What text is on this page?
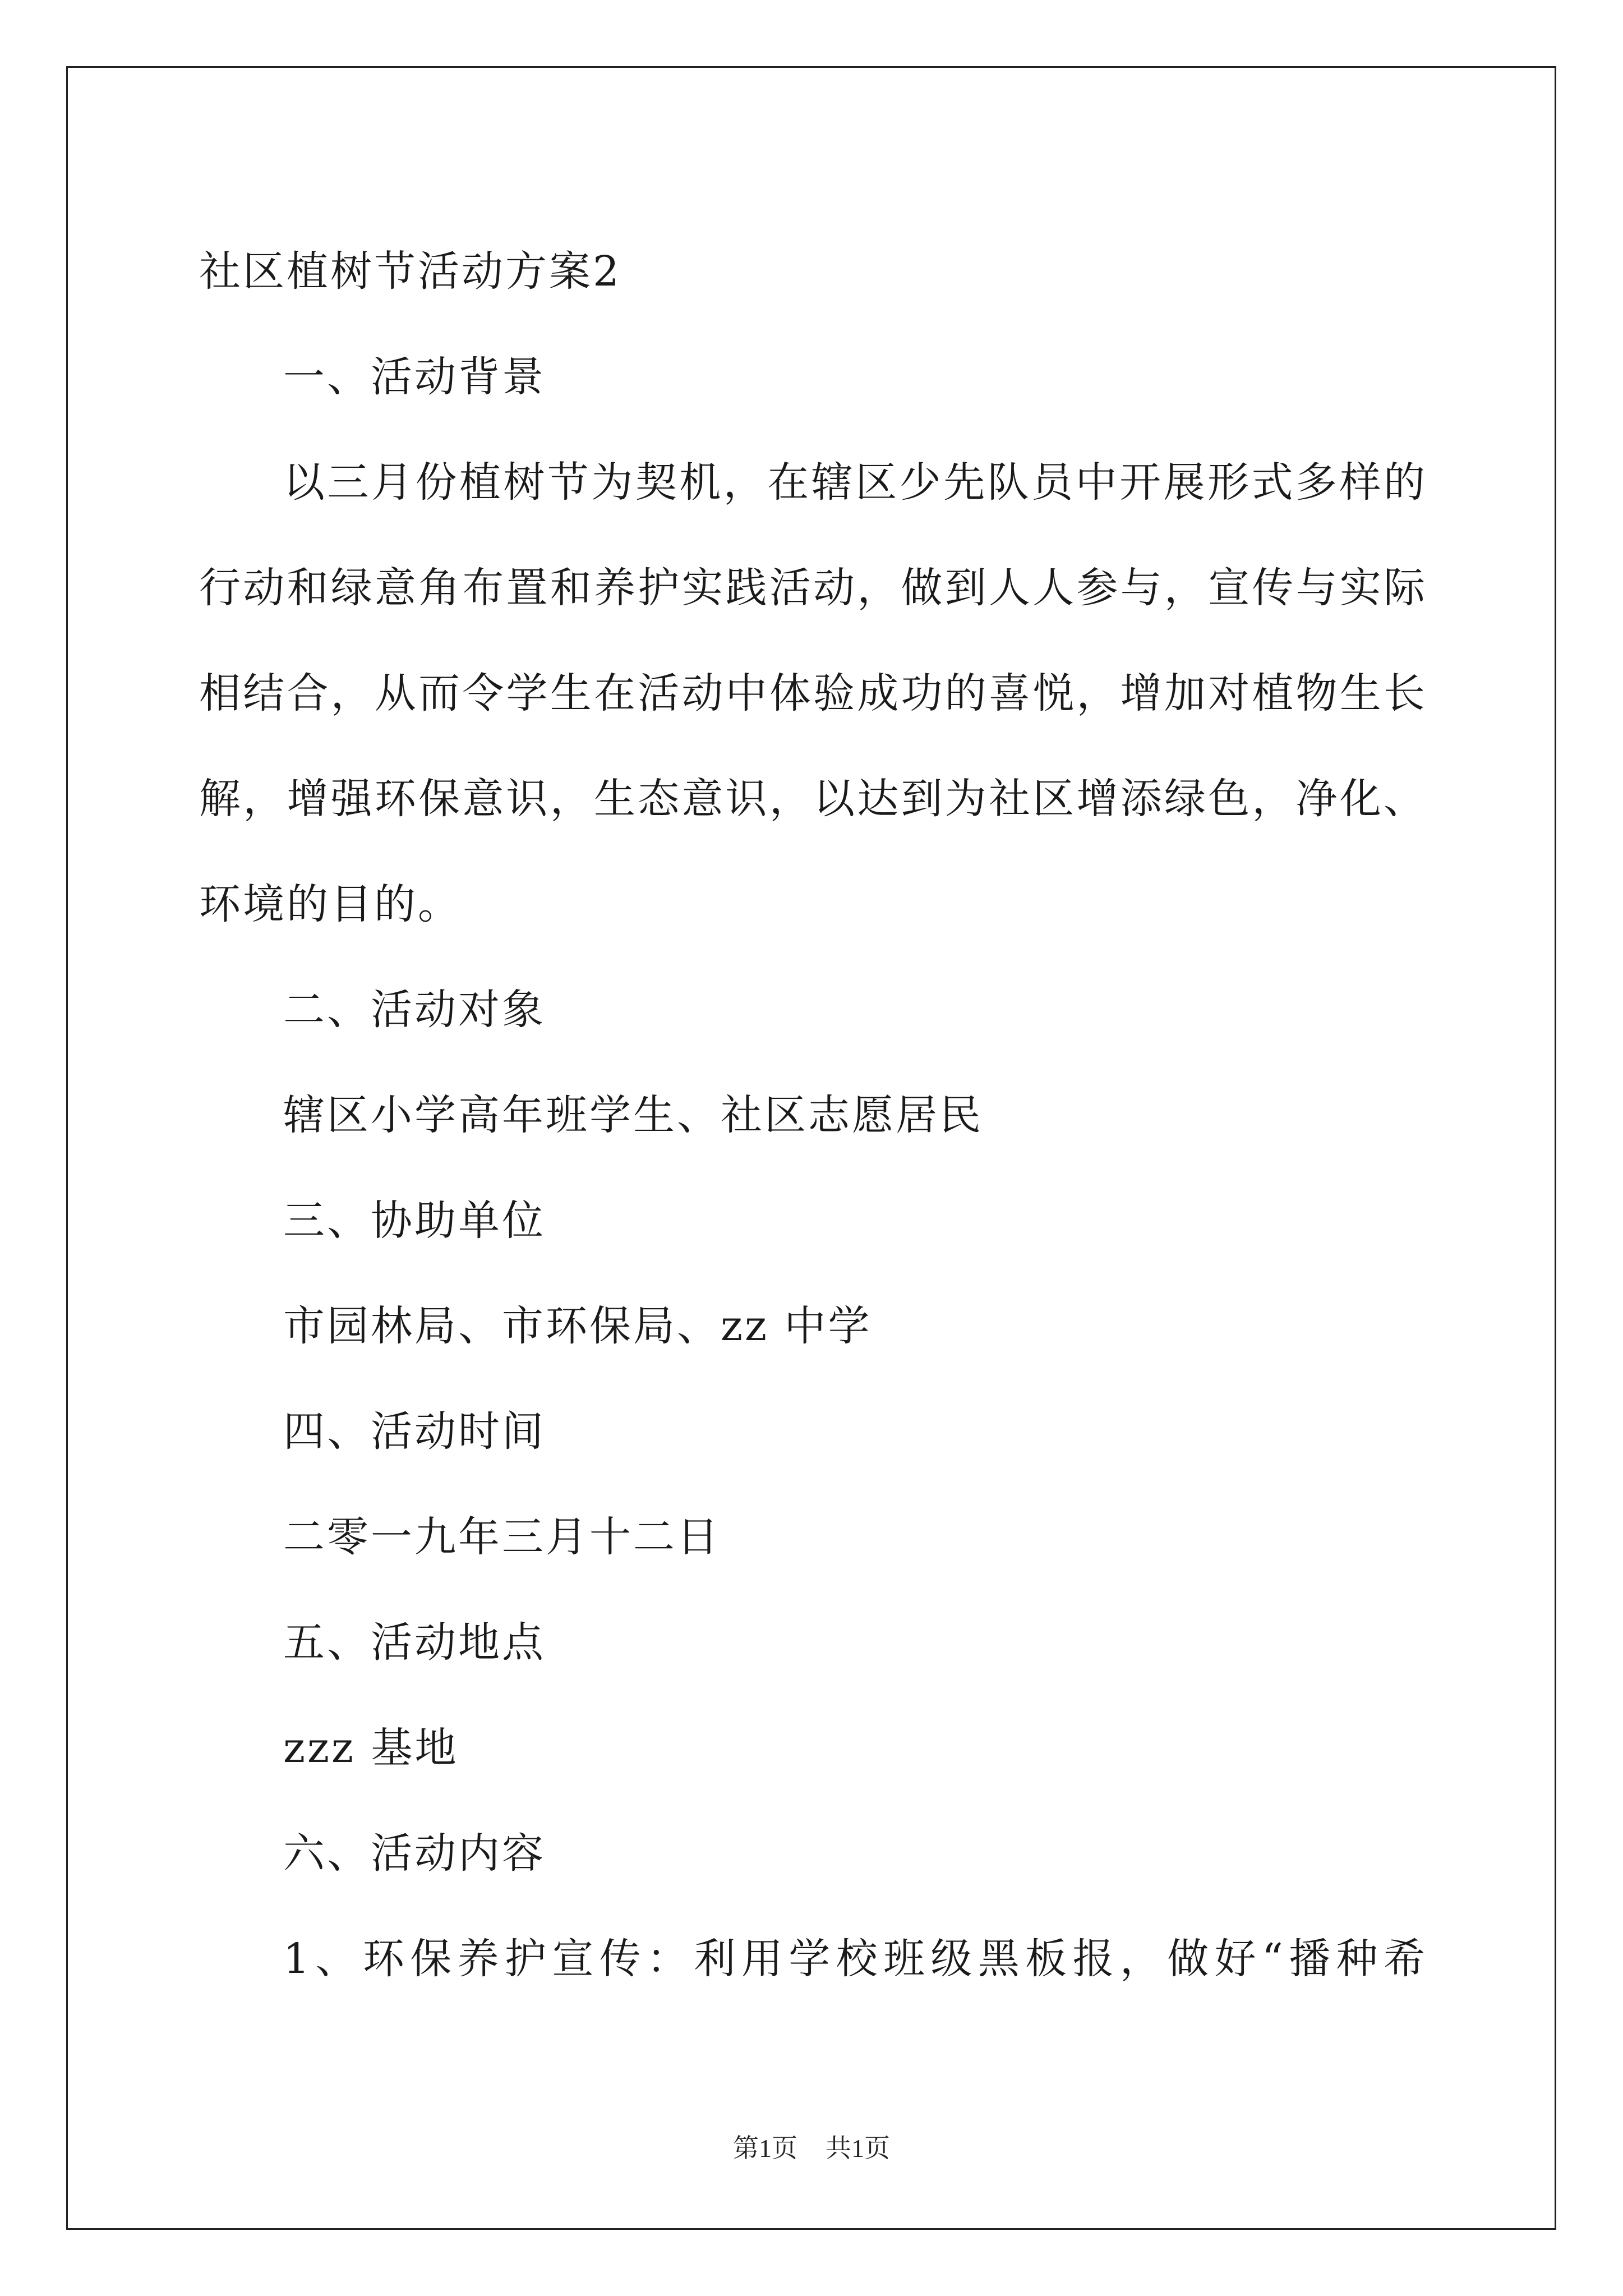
社区植树节活动方案2
一、活动背景
以三月份植树节为契机，在辖区少先队员中开展形式多样的
行动和绿意角布置和养护实践活动，做到人人参与，宣传与实际
相结合，从而令学生在活动中体验成功的喜悦，增加对植物生长
解，增强环保意识，生态意识，以达到为社区增添绿色，净化、
环境的目的。
二、活动对象
辖区小学高年班学生、社区志愿居民
三、协助单位
市园林局、市环保局、zz 中学
四、活动时间
二零一九年三月十二日
五、活动地点
zzz 基地
六、活动内容
1、环保养护宣传：利用学校班级黑板报，做好“播种希
第1页 共1页
